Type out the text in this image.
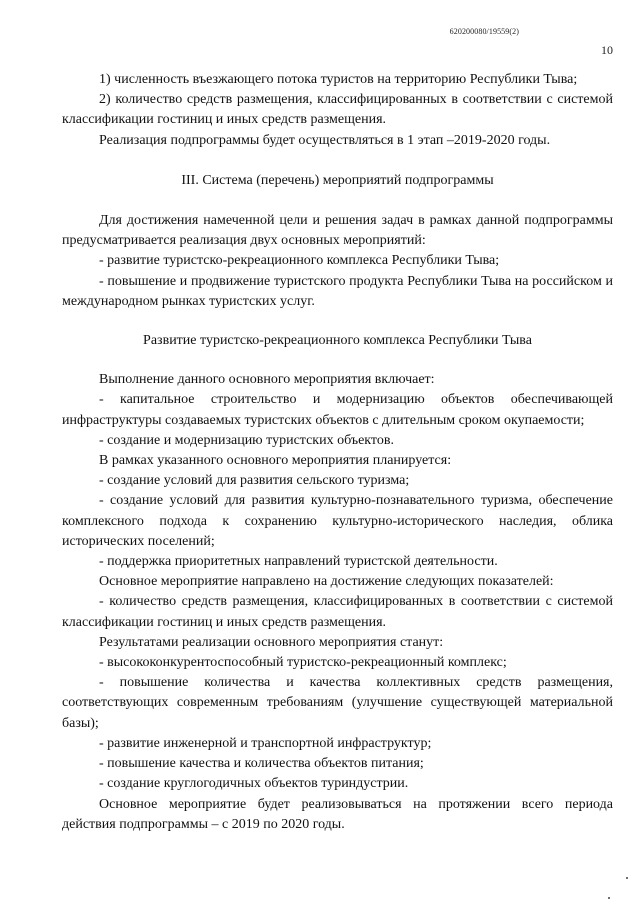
620200080/19559(2)
10

1) численность въезжающего потока туристов на территорию Республики Тыва;

2) количество средств размещения, классифицированных в соответствии с системой классификации гостиниц и иных средств размещения.

Реализация подпрограммы будет осуществляться в 1 этап –2019-2020 годы.

III. Система (перечень) мероприятий подпрограммы

Для достижения намеченной цели и решения задач в рамках данной подпрограммы предусматривается реализация двух основных мероприятий:

- развитие туристско-рекреационного комплекса Республики Тыва;

- повышение и продвижение туристского продукта Республики Тыва на российском и международном рынках туристских услуг.

Развитие туристско-рекреационного комплекса Республики Тыва

Выполнение данного основного мероприятия включает:

- капитальное строительство и модернизацию объектов обеспечивающей инфраструктуры создаваемых туристских объектов с длительным сроком окупаемости;

- создание и модернизацию туристских объектов.

В рамках указанного основного мероприятия планируется:

- создание условий для развития сельского туризма;

- создание условий для развития культурно-познавательного туризма, обеспечение комплексного подхода к сохранению культурно-исторического наследия, облика исторических поселений;

- поддержка приоритетных направлений туристской деятельности.

Основное мероприятие направлено на достижение следующих показателей:

- количество средств размещения, классифицированных в соответствии с системой классификации гостиниц и иных средств размещения.

Результатами реализации основного мероприятия станут:

- высококонкурентоспособный туристско-рекреационный комплекс;

- повышение количества и качества коллективных средств размещения, соответствующих современным требованиям (улучшение существующей материальной базы);

- развитие инженерной и транспортной инфраструктур;

- повышение качества и количества объектов питания;

- создание круглогодичных объектов туриндустрии.

Основное мероприятие будет реализовываться на протяжении всего периода действия подпрограммы – с 2019 по 2020 годы.
